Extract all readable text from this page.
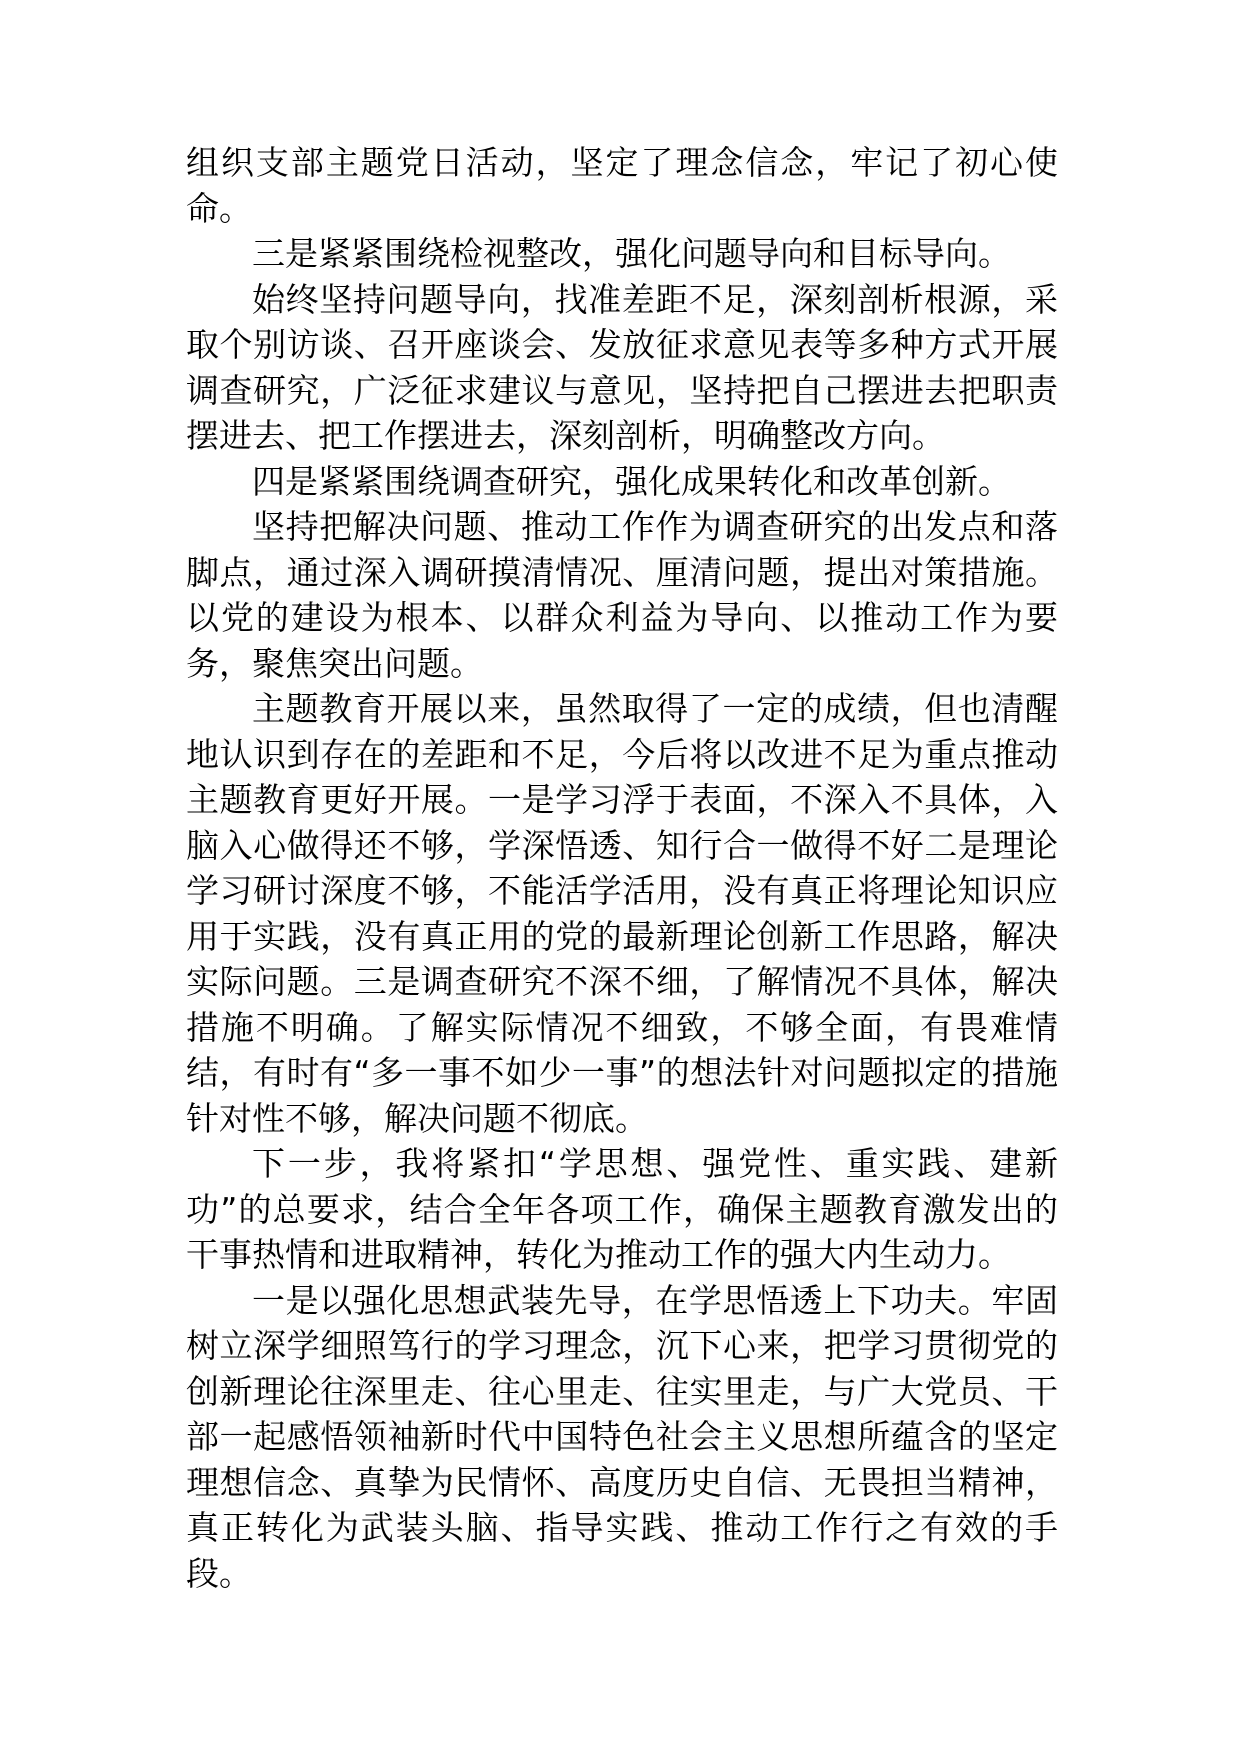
组织支部主题党日活动，坚定了理念信念，牢记了初心使命。

三是紧紧围绕检视整改，强化问题导向和目标导向。

始终坚持问题导向，找准差距不足，深刻剖析根源，采取个别访谈、召开座谈会、发放征求意见表等多种方式开展调查研究，广泛征求建议与意见，坚持把自己摆进去把职责摆进去、把工作摆进去，深刻剖析，明确整改方向。

四是紧紧围绕调查研究，强化成果转化和改革创新。

坚持把解决问题、推动工作作为调查研究的出发点和落脚点，通过深入调研摸清情况、厘清问题，提出对策措施。以党的建设为根本、以群众利益为导向、以推动工作为要务，聚焦突出问题。

主题教育开展以来，虽然取得了一定的成绩，但也清醒地认识到存在的差距和不足，今后将以改进不足为重点推动主题教育更好开展。一是学习浮于表面，不深入不具体，入脑入心做得还不够，学深悟透、知行合一做得不好二是理论学习研讨深度不够，不能活学活用，没有真正将理论知识应用于实践，没有真正用的党的最新理论创新工作思路，解决实际问题。三是调查研究不深不细，了解情况不具体，解决措施不明确。了解实际情况不细致，不够全面，有畏难情结，有时有“多一事不如少一事”的想法针对问题拟定的措施针对性不够，解决问题不彻底。

下一步，我将紧扣“学思想、强党性、重实践、建新功”的总要求，结合全年各项工作，确保主题教育激发出的干事热情和进取精神，转化为推动工作的强大内生动力。

一是以强化思想武装先导，在学思悟透上下功夫。牢固树立深学细照笃行的学习理念，沉下心来，把学习贯彻党的创新理论往深里走、往心里走、往实里走，与广大党员、干部一起感悟领袖新时代中国特色社会主义思想所蕴含的坚定理想信念、真挚为民情怀、高度历史自信、无畏担当精神，真正转化为武装头脑、指导实践、推动工作行之有效的手段。
